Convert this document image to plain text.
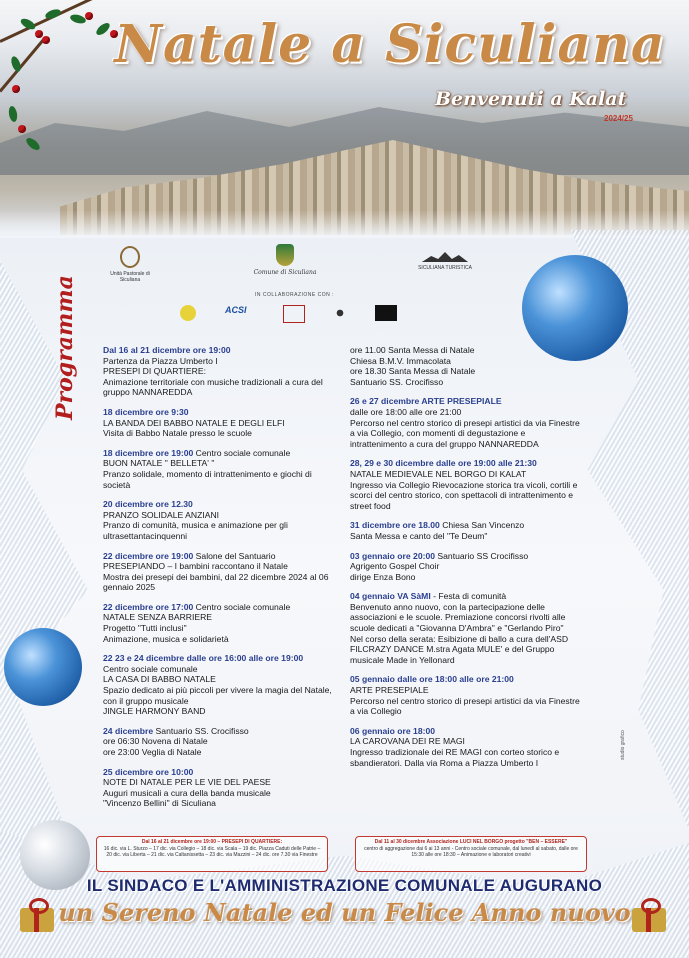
Natale a Siculiana
Benvenuti a Kalat
2024/25
Unità Pastorale di Siculiana
Comune di Siculiana
SICULIANA TURISTICA
IN COLLABORAZIONE CON :
ACSI
Programma	Dal 16 al 21 dicembre ore 19:00
Partenza da Piazza Umberto I
PRESEPI DI QUARTIERE:
Animazione territoriale con musiche tradizionali a cura del gruppo NANNAREDDA
18 dicembre ore 9:30
LA BANDA DEI BABBO NATALE E DEGLI ELFI
Visita di Babbo Natale presso le scuole
18 dicembre ore 19:00 Centro sociale comunale
BUON NATALE " BELLETA' "
Pranzo solidale, momento di intrattenimento e giochi di società
20 dicembre ore 12.30
PRANZO SOLIDALE ANZIANI
Pranzo di comunità, musica e animazione per gli ultrasettantacinquenni
22 dicembre ore 19:00 Salone del Santuario
PRESEPIANDO – I bambini raccontano il Natale
Mostra dei presepi dei bambini, dal 22 dicembre 2024 al 06 gennaio 2025
22 dicembre ore 17:00 Centro sociale comunale
NATALE SENZA BARRIERE
Progetto "Tutti inclusi"
Animazione, musica e solidarietà
22 23 e 24 dicembre dalle ore 16:00 alle ore 19:00
Centro sociale comunale
LA CASA DI BABBO NATALE
Spazio dedicato ai più piccoli per vivere la magia del Natale, con il gruppo musicale
JINGLE HARMONY BAND
24 dicembre Santuario SS. Crocifisso
ore 06:30 Novena di Natale
ore 23:00 Veglia di Natale
25 dicembre ore 10:00
NOTE DI NATALE PER LE VIE DEL PAESE
Auguri musicali a cura della banda musicale
"Vincenzo Bellini" di Siculiana
ore 11.00 Santa Messa di Natale
Chiesa B.M.V. Immacolata
ore 18.30 Santa Messa di Natale
Santuario SS. Crocifisso
26 e 27 dicembre ARTE PRESEPIALE
dalle ore 18:00 alle ore 21:00
Percorso nel centro storico di presepi artistici da via Finestre a via Collegio, con momenti di degustazione e intrattenimento a cura del gruppo NANNAREDDA
28, 29 e 30 dicembre dalle ore 19:00 alle 21:30
NATALE MEDIEVALE NEL BORGO DI KALAT
Ingresso via Collegio Rievocazione storica tra vicoli, cortili e scorci del centro storico, con spettacoli di intrattenimento e street food
31 dicembre ore 18.00 Chiesa San Vincenzo
Santa Messa e canto del "Te Deum"
03 gennaio ore 20:00 Santuario SS Crocifisso
Agrigento Gospel Choir
dirige Enza Bono
04 gennaio VA SàMI - Festa di comunità
Benvenuto anno nuovo, con la partecipazione delle associazioni e le scuole. Premiazione concorsi rivolti alle scuole dedicati a "Giovanna D'Ambra" e "Gerlando Piro"
Nel corso della serata: Esibizione di ballo a cura dell'ASD FILCRAZY DANCE M.stra Agata MULE' e del Gruppo musicale Made in Yellonard
05 gennaio dalle ore 18:00 alle ore 21:00
ARTE PRESEPIALE
Percorso nel centro storico di presepi artistici da via Finestre a via Collegio
06 gennaio ore 18:00
LA CAROVANA DEI RE MAGI
Ingresso tradizionale dei RE MAGI con corteo storico e sbandieratori. Dalla via Roma a Piazza Umberto I
studio grafico
Dal 16 al 21 dicembre ore 19:00 – PRESEPI DI QUARTIERE:
16 dic. via L. Sturzo – 17 dic. via Collegio – 18 dic. via Scala – 19 dic. Piazza Caduti delle Patrie – 20 dic. via Liberta – 21 dic. via Caltanissetta – 23 dic. via Mazzini – 24 dic. ore 7.30 via Finestre
Dal 11 al 30 dicembre Associazione LUCI NEL BORGO progetto "BEN – ESSERE"
centro di aggregazione dai 6 ai 13 anni - Centro sociale comunale, dal lunedì al sabato, dalle ore 15:30 alle ore 18:30 – Animazione e laboratori creativi
IL SINDACO E L'AMMINISTRAZIONE COMUNALE AUGURANO
un Sereno Natale ed un Felice Anno nuovo
